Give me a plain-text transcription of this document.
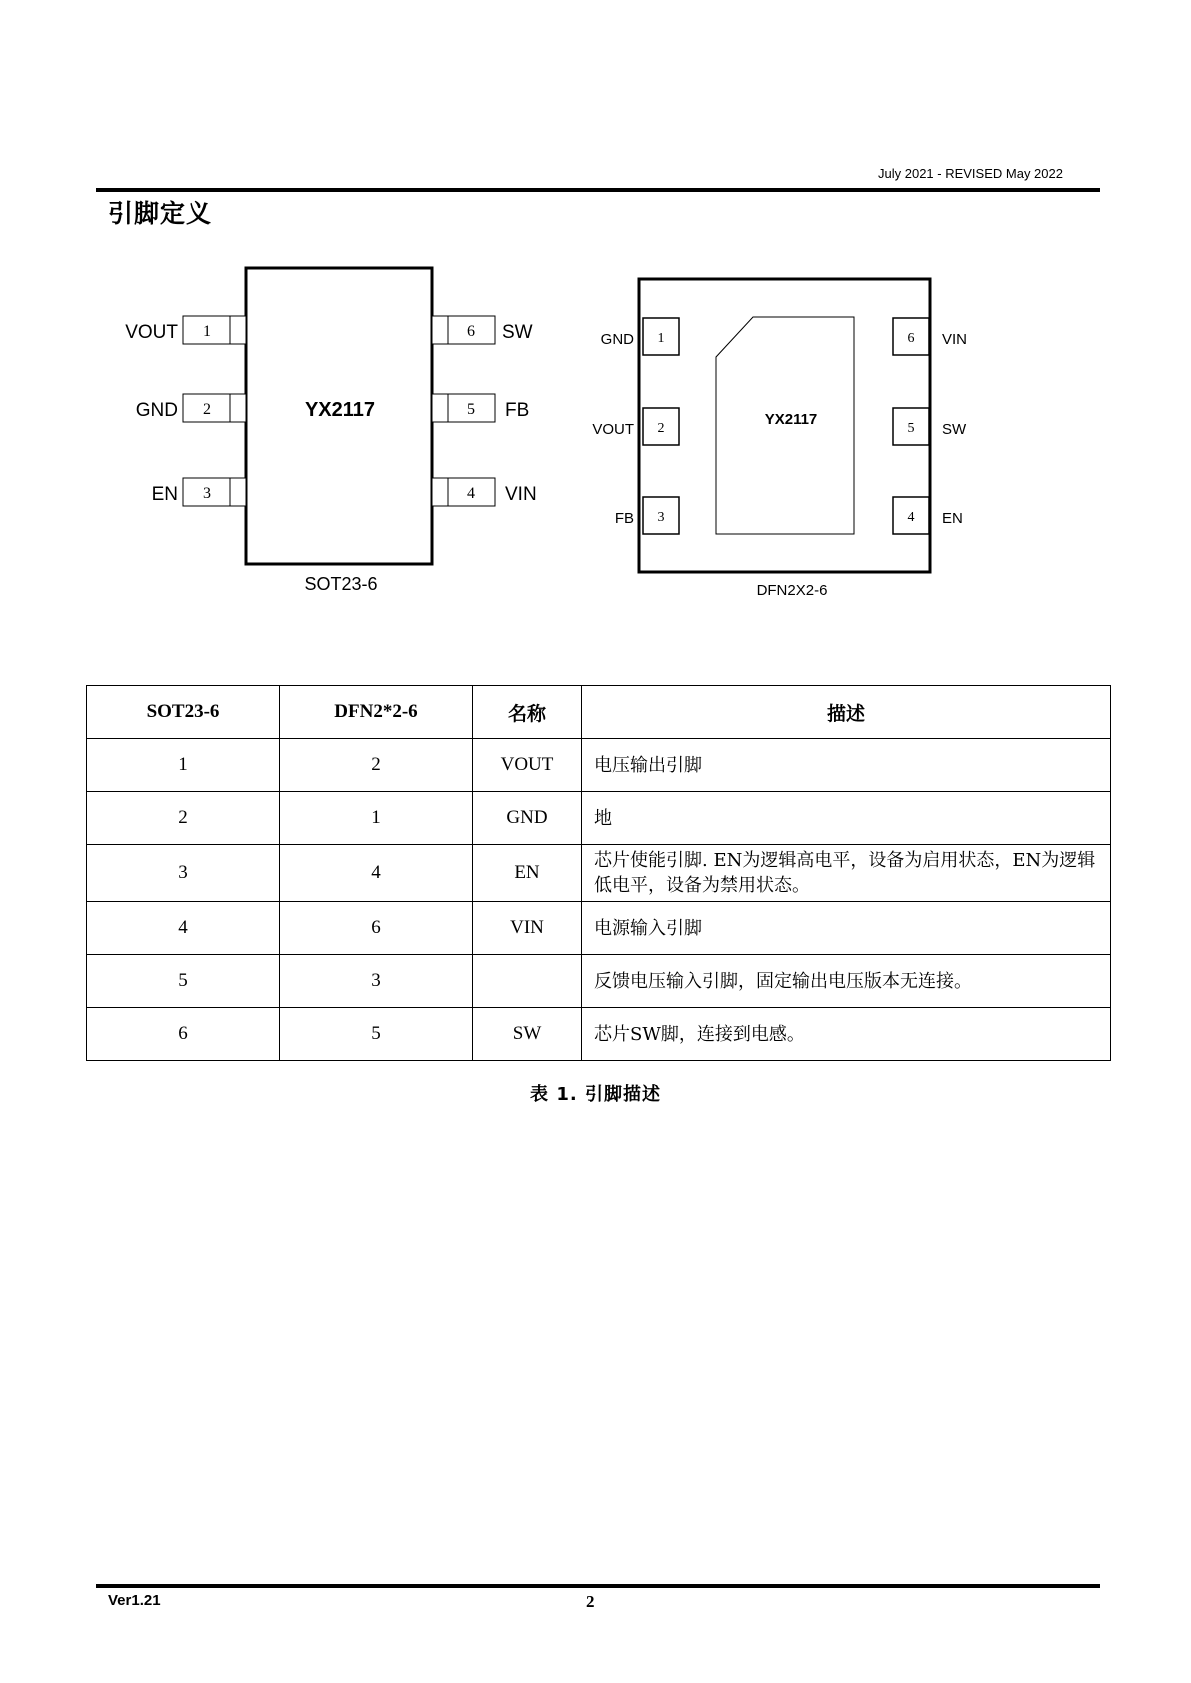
July 2021 - REVISED May 2022
引脚定义
YX2117
SOT23-6
1
VOUT
2
GND
3
EN
6 SW
5 FB
4 VIN
YX2117
DFN2X2-6
1
GND
2
VOUT
3
FB
6 VIN
5 SW
4 EN
SOT23-6	DFN2*2-6	名称	描述
1	2	VOUT	电压输出引脚
2	1	GND	地
3	4	EN	芯片使能引脚. EN为逻辑高电平，设备为启用状态，EN为逻辑低电平，设备为禁用状态。
4	6	VIN	电源输入引脚
5	3		反馈电压输入引脚，固定输出电压版本无连接。
6	5	SW	芯片SW脚，连接到电感。
表 1. 引脚描述
Ver1.21	2
